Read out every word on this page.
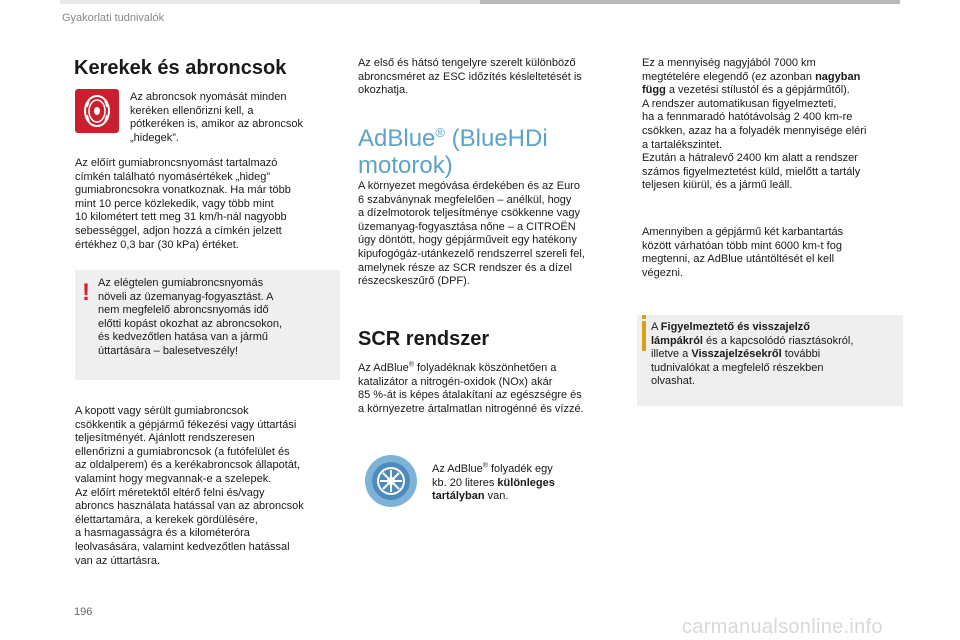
Gyakorlati tudnivalók
Kerekek és abroncsok

Az abroncsok nyomását minden

keréken ellenőrizni kell, a

pótkeréken is, amikor az abroncsok

„hidegek”.

Az előírt gumiabroncsnyomást tartalmazó

címkén található nyomásértékek „hideg”

gumiabroncsokra vonatkoznak. Ha már több

mint 10 perce közlekedik, vagy több mint

10 kilométert tett meg 31 km/h-nál nagyobb

sebességgel, adjon hozzá a címkén jelzett

értékhez 0,3 bar (30 kPa) értéket.

! Az elégtelen gumiabroncsnyomás

növeli az üzemanyag-fogyasztást. A

nem megfelelő abroncsnyomás idő

előtti kopást okozhat az abroncsokon,

és kedvezőtlen hatása van a jármű

úttartására – balesetveszély!

A kopott vagy sérült gumiabroncsok

csökkentik a gépjármű fékezési vagy úttartási

teljesítményét. Ajánlott rendszeresen

ellenőrizni a gumiabroncsok (a futófelület és

az oldalperem) és a kerékabroncsok állapotát,

valamint hogy megvannak-e a szelepek.

Az előírt méretektől eltérő felni és/vagy

abroncs használata hatással van az abroncsok

élettartamára, a kerekek gördülésére,

a hasmagasságra és a kilométeróra

leolvasására, valamint kedvezőtlen hatással

van az úttartásra.

Az első és hátsó tengelyre szerelt különböző

abroncsméret az ESC időzítés késleltetését is

okozhatja.

AdBlue® (BlueHDi
motorok)

A környezet megóvása érdekében és az Euro

6 szabványnak megfelelően – anélkül, hogy

a dízelmotorok teljesítménye csökkenne vagy

üzemanyag-fogyasztása nőne – a CITROËN

úgy döntött, hogy gépjárműveit egy hatékony

kipufogógáz-utánkezelő rendszerrel szereli fel,

amelynek része az SCR rendszer és a dízel

részecskeszűrő (DPF).

SCR rendszer

Az AdBlue® folyadéknak köszönhetően a

katalizátor a nitrogén-oxidok (NOx) akár

85 %-át is képes átalakítani az egészségre és

a környezetre ártalmatlan nitrogénné és vízzé.

Az AdBlue® folyadék egy

kb. 20 literes különleges

tartályban van.

Ez a mennyiség nagyjából 7000 km

megtételére elegendő (ez azonban nagyban

függ a vezetési stílustól és a gépjárműtől).

A rendszer automatikusan figyelmezteti,

ha a fennmaradó hatótávolság 2 400 km-re

csökken, azaz ha a folyadék mennyisége eléri

a tartalékszintet.

Ezután a hátralevő 2400 km alatt a rendszer

számos figyelmeztetést küld, mielőtt a tartály

teljesen kiürül, és a jármű leáll.

Amennyiben a gépjármű két karbantartás

között várhatóan több mint 6000 km-t fog

megtenni, az AdBlue utántöltését el kell

végezni.

A Figyelmeztető és visszajelző

lámpákról és a kapcsolódó riasztásokról,

illetve a Visszajelzésekről további

tudnivalókat a megfelelő részekben

olvashat.

196
carmanualsonline.info
